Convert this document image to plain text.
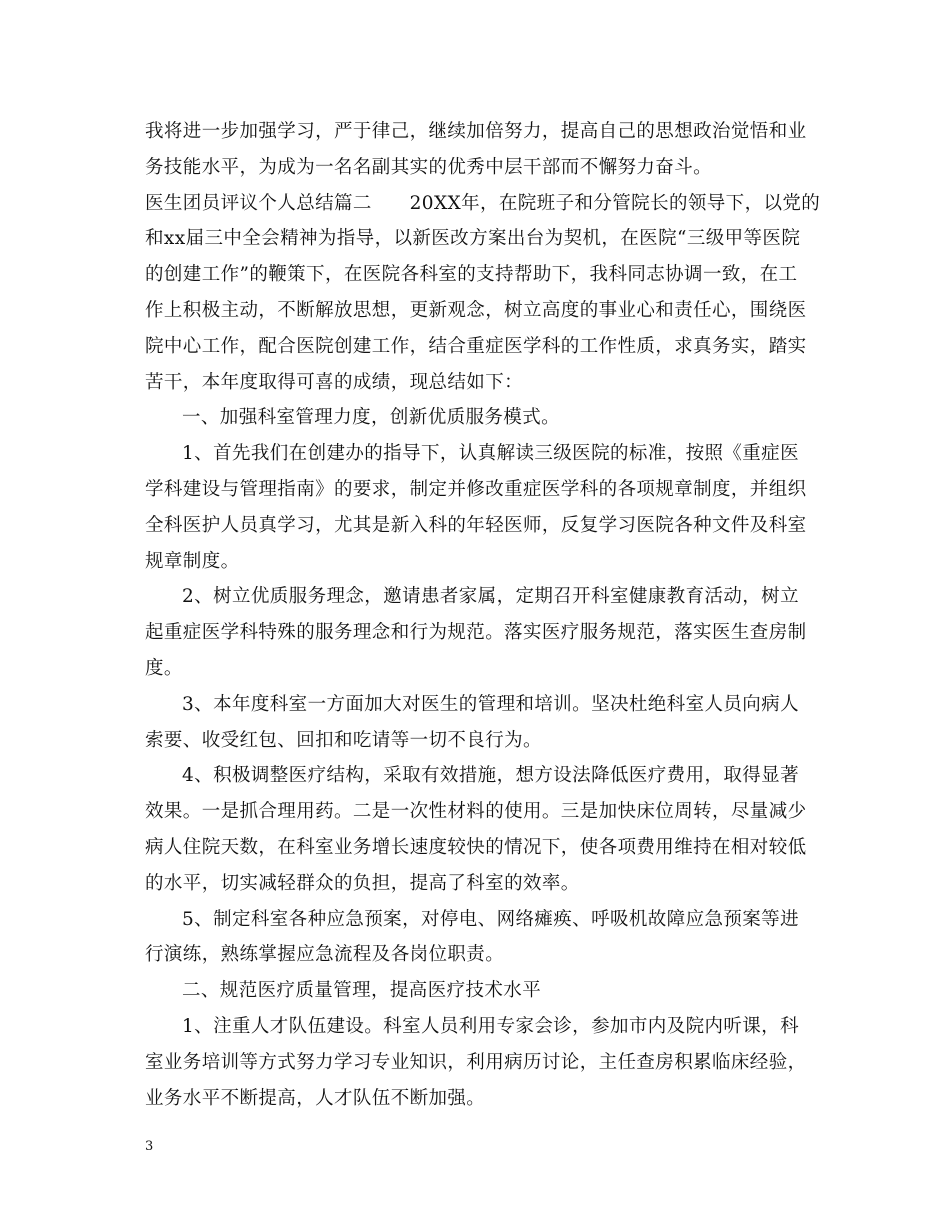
我将进一步加强学习，严于律己，继续加倍努力，提高自己的思想政治觉悟和业
务技能水平，为成为一名名副其实的优秀中层干部而不懈努力奋斗。
医生团员评议个人总结篇二　　20XX年，在院班子和分管院长的领导下，以党的
和xx届三中全会精神为指导，以新医改方案出台为契机，在医院“三级甲等医院
的创建工作”的鞭策下，在医院各科室的支持帮助下，我科同志协调一致，在工
作上积极主动，不断解放思想，更新观念，树立高度的事业心和责任心，围绕医
院中心工作，配合医院创建工作，结合重症医学科的工作性质，求真务实，踏实
苦干，本年度取得可喜的成绩，现总结如下：
一、加强科室管理力度，创新优质服务模式。
1、首先我们在创建办的指导下，认真解读三级医院的标准，按照《重症医
学科建设与管理指南》的要求，制定并修改重症医学科的各项规章制度，并组织
全科医护人员真学习，尤其是新入科的年轻医师，反复学习医院各种文件及科室
规章制度。
2、树立优质服务理念，邀请患者家属，定期召开科室健康教育活动，树立
起重症医学科特殊的服务理念和行为规范。落实医疗服务规范，落实医生查房制
度。
3、本年度科室一方面加大对医生的管理和培训。坚决杜绝科室人员向病人
索要、收受红包、回扣和吃请等一切不良行为。
4、积极调整医疗结构，采取有效措施，想方设法降低医疗费用，取得显著
效果。一是抓合理用药。二是一次性材料的使用。三是加快床位周转，尽量减少
病人住院天数，在科室业务增长速度较快的情况下，使各项费用维持在相对较低
的水平，切实减轻群众的负担，提高了科室的效率。
5、制定科室各种应急预案，对停电、网络瘫痪、呼吸机故障应急预案等进
行演练，熟练掌握应急流程及各岗位职责。
二、规范医疗质量管理，提高医疗技术水平
1、注重人才队伍建设。科室人员利用专家会诊，参加市内及院内听课，科
室业务培训等方式努力学习专业知识，利用病历讨论，主任查房积累临床经验，
业务水平不断提高，人才队伍不断加强。
3
